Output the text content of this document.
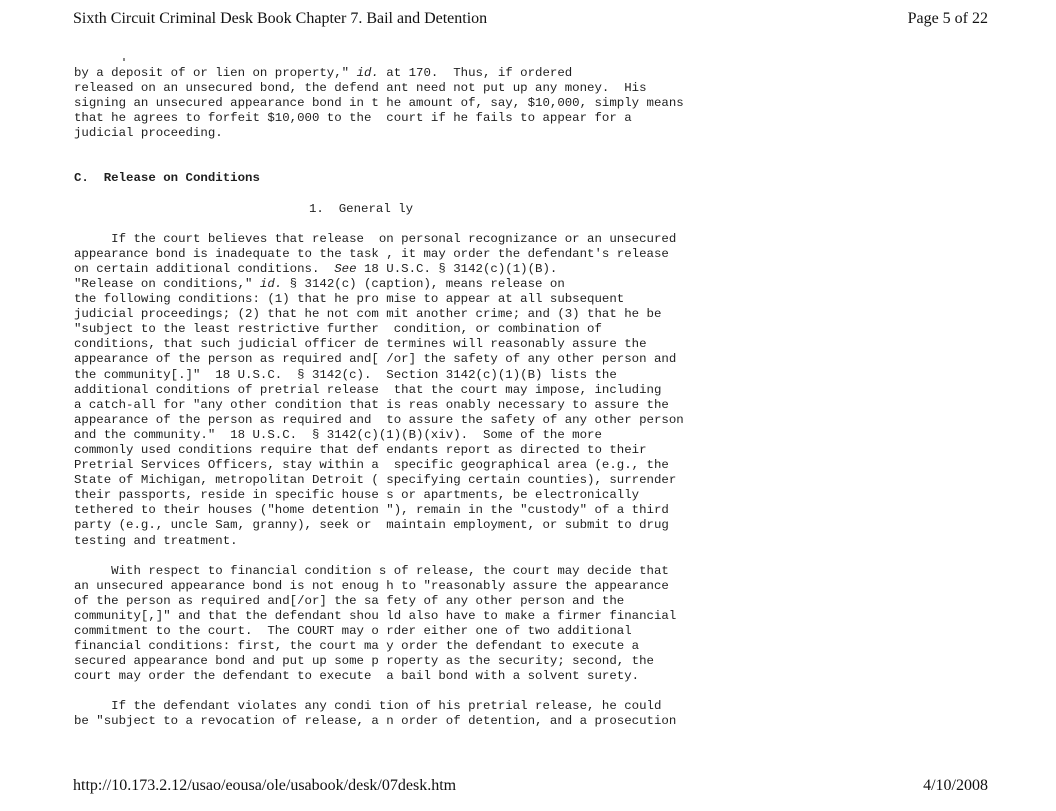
Sixth Circuit Criminal Desk Book Chapter 7. Bail and Detention	Page 5 of 22

by a deposit of or lien on property," id. at 170.  Thus, if ordered

released on an unsecured bond, the defend ant need not put up any money.  His

signing an unsecured appearance bond in t he amount of, say, $10,000, simply means

that he agrees to forfeit $10,000 to the  court if he fails to appear for a

judicial proceeding.

C.  Release on Conditions

1.  General ly

If the court believes that release  on personal recognizance or an unsecured

appearance bond is inadequate to the task , it may order the defendant's release

on certain additional conditions.  See 18 U.S.C. § 3142(c)(1)(B).

"Release on conditions," id. § 3142(c) (caption), means release on

the following conditions: (1) that he pro mise to appear at all subsequent

judicial proceedings; (2) that he not com mit another crime; and (3) that he be

"subject to the least restrictive further  condition, or combination of

conditions, that such judicial officer de termines will reasonably assure the

appearance of the person as required and[ /or] the safety of any other person and

the community[.]"  18 U.S.C.  § 3142(c).  Section 3142(c)(1)(B) lists the

additional conditions of pretrial release  that the court may impose, including

a catch-all for "any other condition that is reas onably necessary to assure the

appearance of the person as required and  to assure the safety of any other person

and the community."  18 U.S.C.  § 3142(c)(1)(B)(xiv).  Some of the more

commonly used conditions require that def endants report as directed to their

Pretrial Services Officers, stay within a  specific geographical area (e.g., the

State of Michigan, metropolitan Detroit ( specifying certain counties), surrender

their passports, reside in specific house s or apartments, be electronically

tethered to their houses ("home detention "), remain in the "custody" of a third

party (e.g., uncle Sam, granny), seek or  maintain employment, or submit to drug

testing and treatment.

With respect to financial condition s of release, the court may decide that

an unsecured appearance bond is not enoug h to "reasonably assure the appearance

of the person as required and[/or] the sa fety of any other person and the

community[,]" and that the defendant shou ld also have to make a firmer financial

commitment to the court.  The COURT may o rder either one of two additional

financial conditions: first, the court ma y order the defendant to execute a

secured appearance bond and put up some p roperty as the security; second, the

court may order the defendant to execute  a bail bond with a solvent surety.

If the defendant violates any condi tion of his pretrial release, he could

be "subject to a revocation of release, a n order of detention, and a prosecution

http://10.173.2.12/usao/eousa/ole/usabook/desk/07desk.htm	4/10/2008
